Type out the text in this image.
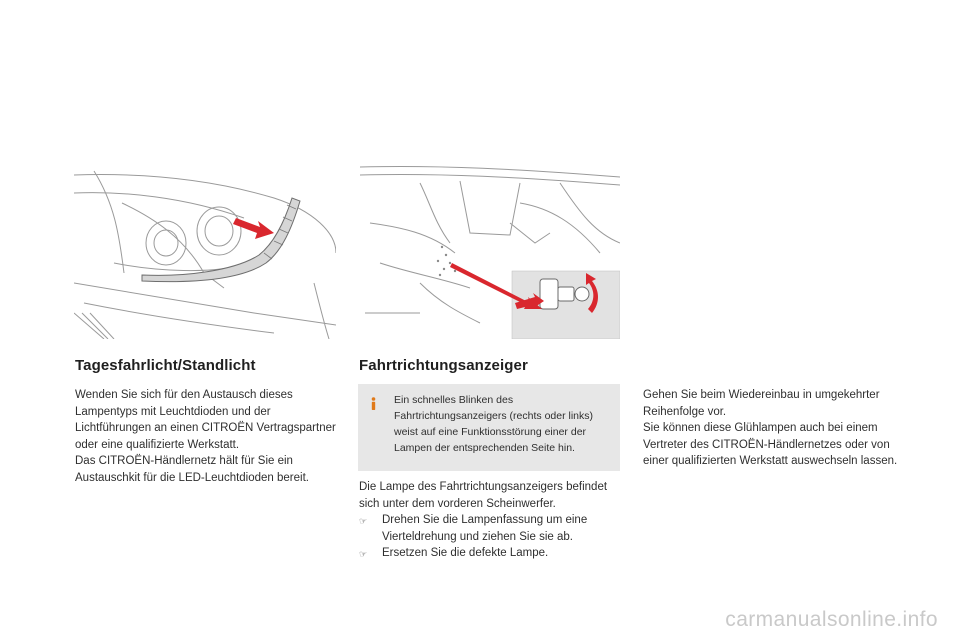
Tagesfahrlicht/Standlicht

Wenden Sie sich für den Austausch dieses Lampentyps mit Leuchtdioden und der Lichtführungen an einen CITROËN Vertragspartner oder eine qualifizierte Werkstatt.

Das CITROËN-Händlernetz hält für Sie ein Austauschkit für die LED-Leuchtdioden bereit.

Fahrtrichtungsanzeiger
Ein schnelles Blinken des Fahrtrichtungsanzeigers (rechts oder links) weist auf eine Funktionsstörung einer der Lampen der entsprechenden Seite hin.

Die Lampe des Fahrtrichtungsanzeigers befindet sich unter dem vorderen Scheinwerfer.

☞	Drehen Sie die Lampenfassung um eine Vierteldrehung und ziehen Sie sie ab.
☞	Ersetzen Sie die defekte Lampe.

Gehen Sie beim Wiedereinbau in umgekehrter Reihenfolge vor.

Sie können diese Glühlampen auch bei einem Vertreter des CITROËN-Händlernetzes oder von einer qualifizierten Werkstatt auswechseln lassen.

carmanualsonline.info
